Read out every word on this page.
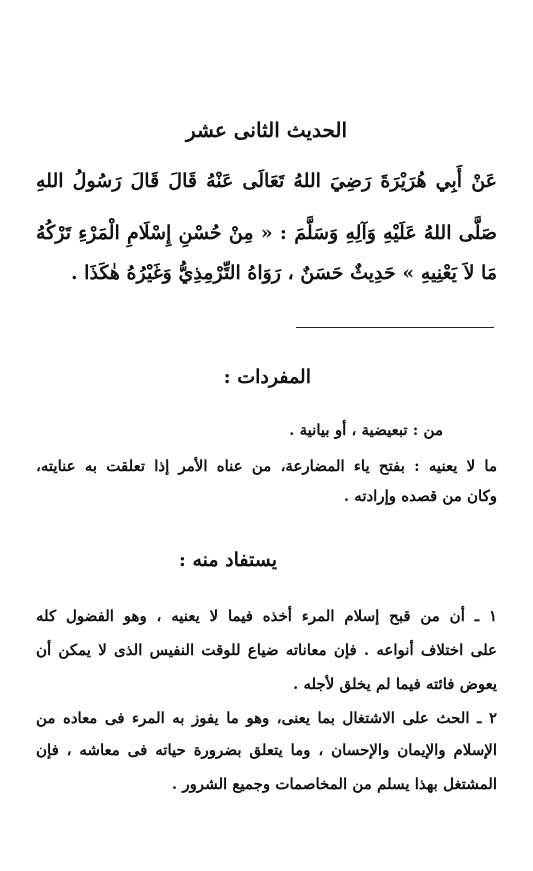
الحديث الثانى عشر
عَنْ أَبِي هُرَيْرَةَ رَضِيَ اللهُ تَعَالَى عَنْهُ قَالَ قَالَ رَسُولُ اللهِ
صَلَّى اللهُ عَلَيْهِ وَآلِهِ وَسَلَّمَ : « مِنْ حُسْنِ إِسْلَامِ الْمَرْءِ تَرْكُهُ
مَا لاَ يَعْنِيهِ » حَدِيثٌ حَسَنٌ ، رَوَاهُ التِّرْمِذِيُّ وَغَيْرُهُ هٰكَذَا .
المفردات :
من : تبعيضية ، أو بيانية .
ما لا يعنيه : بفتح ياء المضارعة، من عناه الأمر إذا تعلقت به عنايته،
وكان من قصده وإرادته .
يستفاد منه :
١ ـ أن من قبح إسلام المرء أخذه فيما لا يعنيه ، وهو الفضول كله
على اختلاف أنواعه . فإن معاناته ضياع للوقت النفيس الذى لا يمكن أن
يعوض فائته فيما لم يخلق لأجله .
٢ ـ الحث على الاشتغال بما يعنى، وهو ما يفوز به المرء فى معاده من
الإسلام والإيمان والإحسان ، وما يتعلق بضرورة حياته فى معاشه ، فإن
المشتغل بهذا يسلم من المخاصمات وجميع الشرور .
